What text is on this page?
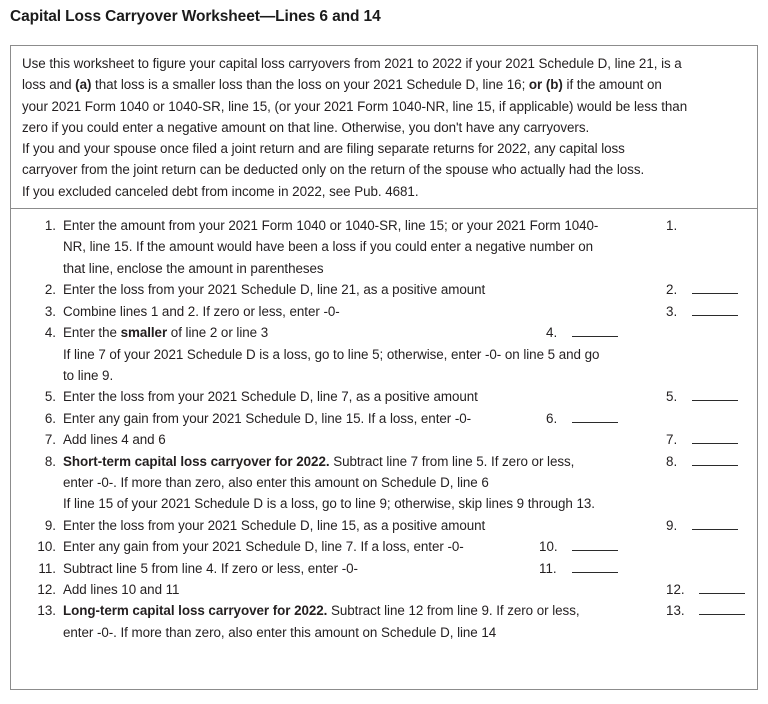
Capital Loss Carryover Worksheet—Lines 6 and 14
Use this worksheet to figure your capital loss carryovers from 2021 to 2022 if your 2021 Schedule D, line 21, is a
loss and (a) that loss is a smaller loss than the loss on your 2021 Schedule D, line 16; or (b) if the amount on
your 2021 Form 1040 or 1040-SR, line 15, (or your 2021 Form 1040-NR, line 15, if applicable) would be less than
zero if you could enter a negative amount on that line. Otherwise, you don't have any carryovers.
If you and your spouse once filed a joint return and are filing separate returns for 2022, any capital loss
carryover from the joint return can be deducted only on the return of the spouse who actually had the loss.
If you excluded canceled debt from income in 2022, see Pub. 4681.
1. Enter the amount from your 2021 Form 1040 or 1040-SR, line 15; or your 2021 Form 1040-	1.
NR, line 15. If the amount would have been a loss if you could enter a negative number on
that line, enclose the amount in parentheses
2. Enter the loss from your 2021 Schedule D, line 21, as a positive amount	2.
3. Combine lines 1 and 2. If zero or less, enter -0-	3.
4. Enter the smaller of line 2 or line 3	4.
If line 7 of your 2021 Schedule D is a loss, go to line 5; otherwise, enter -0- on line 5 and go
to line 9.
5. Enter the loss from your 2021 Schedule D, line 7, as a positive amount	5.
6. Enter any gain from your 2021 Schedule D, line 15. If a loss, enter -0-	6.
7. Add lines 4 and 6	7.
8. Short-term capital loss carryover for 2022. Subtract line 7 from line 5. If zero or less,	8.
enter -0-. If more than zero, also enter this amount on Schedule D, line 6
If line 15 of your 2021 Schedule D is a loss, go to line 9; otherwise, skip lines 9 through 13.
9. Enter the loss from your 2021 Schedule D, line 15, as a positive amount	9.
10. Enter any gain from your 2021 Schedule D, line 7. If a loss, enter -0-	10.
11. Subtract line 5 from line 4. If zero or less, enter -0-	11.
12. Add lines 10 and 11	12.
13. Long-term capital loss carryover for 2022. Subtract line 12 from line 9. If zero or less,	13.
enter -0-. If more than zero, also enter this amount on Schedule D, line 14
